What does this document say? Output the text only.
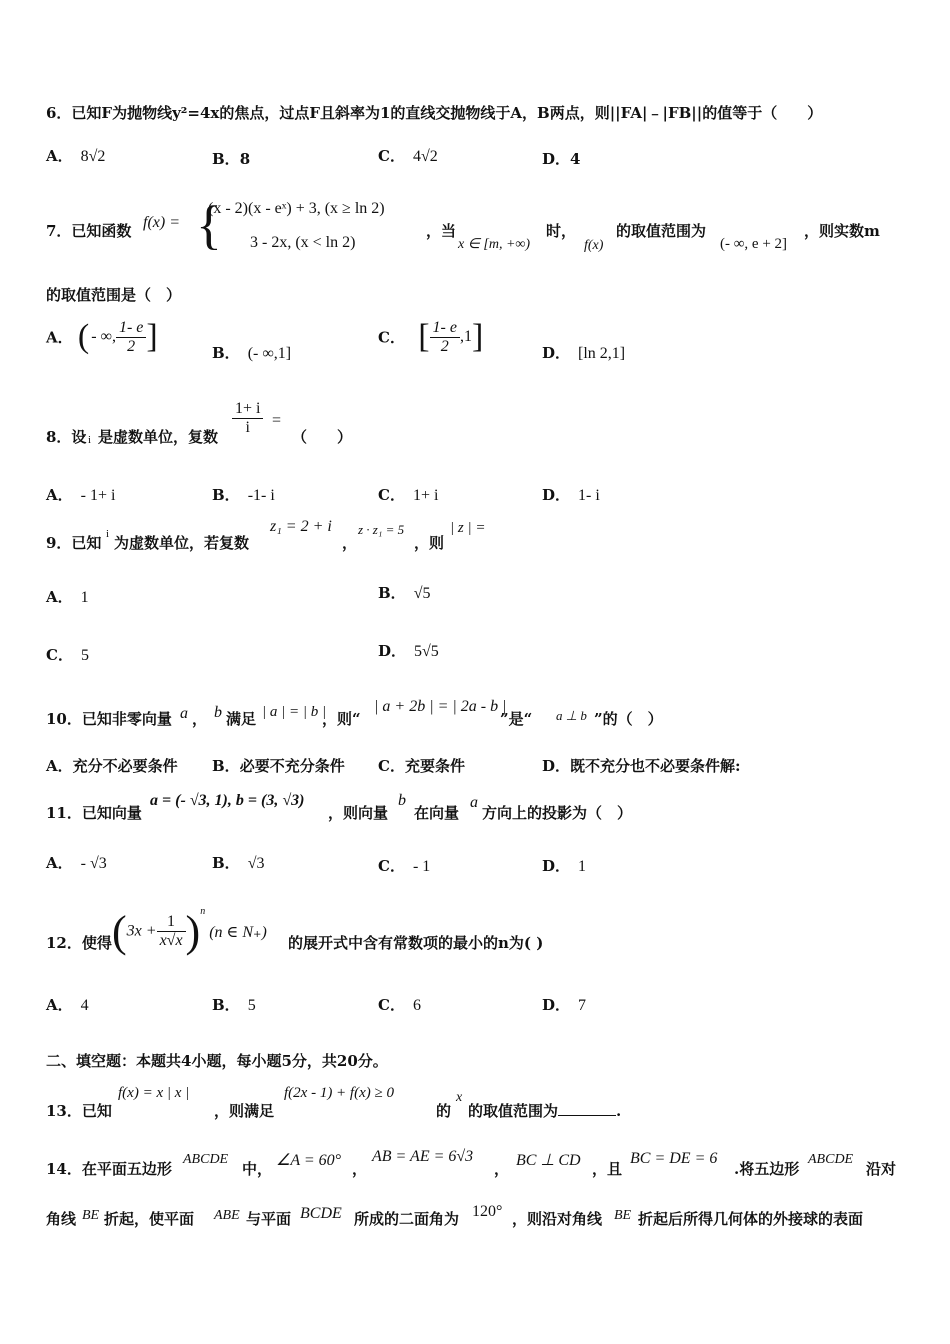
6．已知F为抛物线y²=4x的焦点，过点F且斜率为1的直线交抛物线于A，B两点，则||FA|﹣|FB||的值等于（　　）
A． 8√2	B．8	C． 4√2	D．4
7．已知函数 f(x) = {
(x - 2)(x - eˣ) + 3, (x ≥ ln 2)
3 - 2x, (x < ln 2)
，当
x ∈ [m, +∞)
时，
f(x)
的取值范围为
(- ∞, e + 2]
，则实数m
的取值范围是（　）
A． ( - ∞, $\frac{1- e}{2}$ ]	B． (- ∞,1]
C． [ $\frac{1- e}{2} ,1$]	D． [ln 2,1]
8．设 i 是虚数单位，复数 $\frac{1+ i}{i}$ =
（　　）
A． - 1+ i	B． -1- i	C． 1+ i	D． 1- i
9．已知 i 为虚数单位，若复数
z₁ = 2 + i
，
z · z₁ = 5
，则
| z | =
A． 1	B． √5
C． 5	D． 5√5
10．已知非零向量 a ， b 满足 | a | = | b |
，则“
| a + 2b | = | 2a - b |
”是“	a ⊥ b ”的（　）
A．充分不必要条件 B．必要不充分条件 C．充要条件	D．既不充分也不必要条件解:
11．已知向量
a = (- √3, 1), b = (3, √3)
，则向量
b
在向量
a
方向上的投影为（　）
A． - √3	B． √3	C． - 1	D． 1
12．使得 $(3x + \frac{1}{x√x} )^n(n$ ∈ N₊)
的展开式中含有常数项的最小的n为( )
A． 4	B． 5	C． 6	D． 7
二、填空题：本题共4小题，每小题5分，共20分。
13．已知
f(x) = x | x |
，则满足
f(2x - 1) + f(x) ≥ 0
的
x
的取值范围为	.
14．在平面五边形
ABCDE
中， ∠A = 60° ，
AB = AE = 6√3
， BC ⊥ CD ，且
BC = DE = 6
.将五边形
ABCDE
沿对
角线 BE 折起，使平面	ABE 与平面 BCDE 所成的二面角为 120° ，则沿对角线 BE 折起后所得几何体的外接球的表面
